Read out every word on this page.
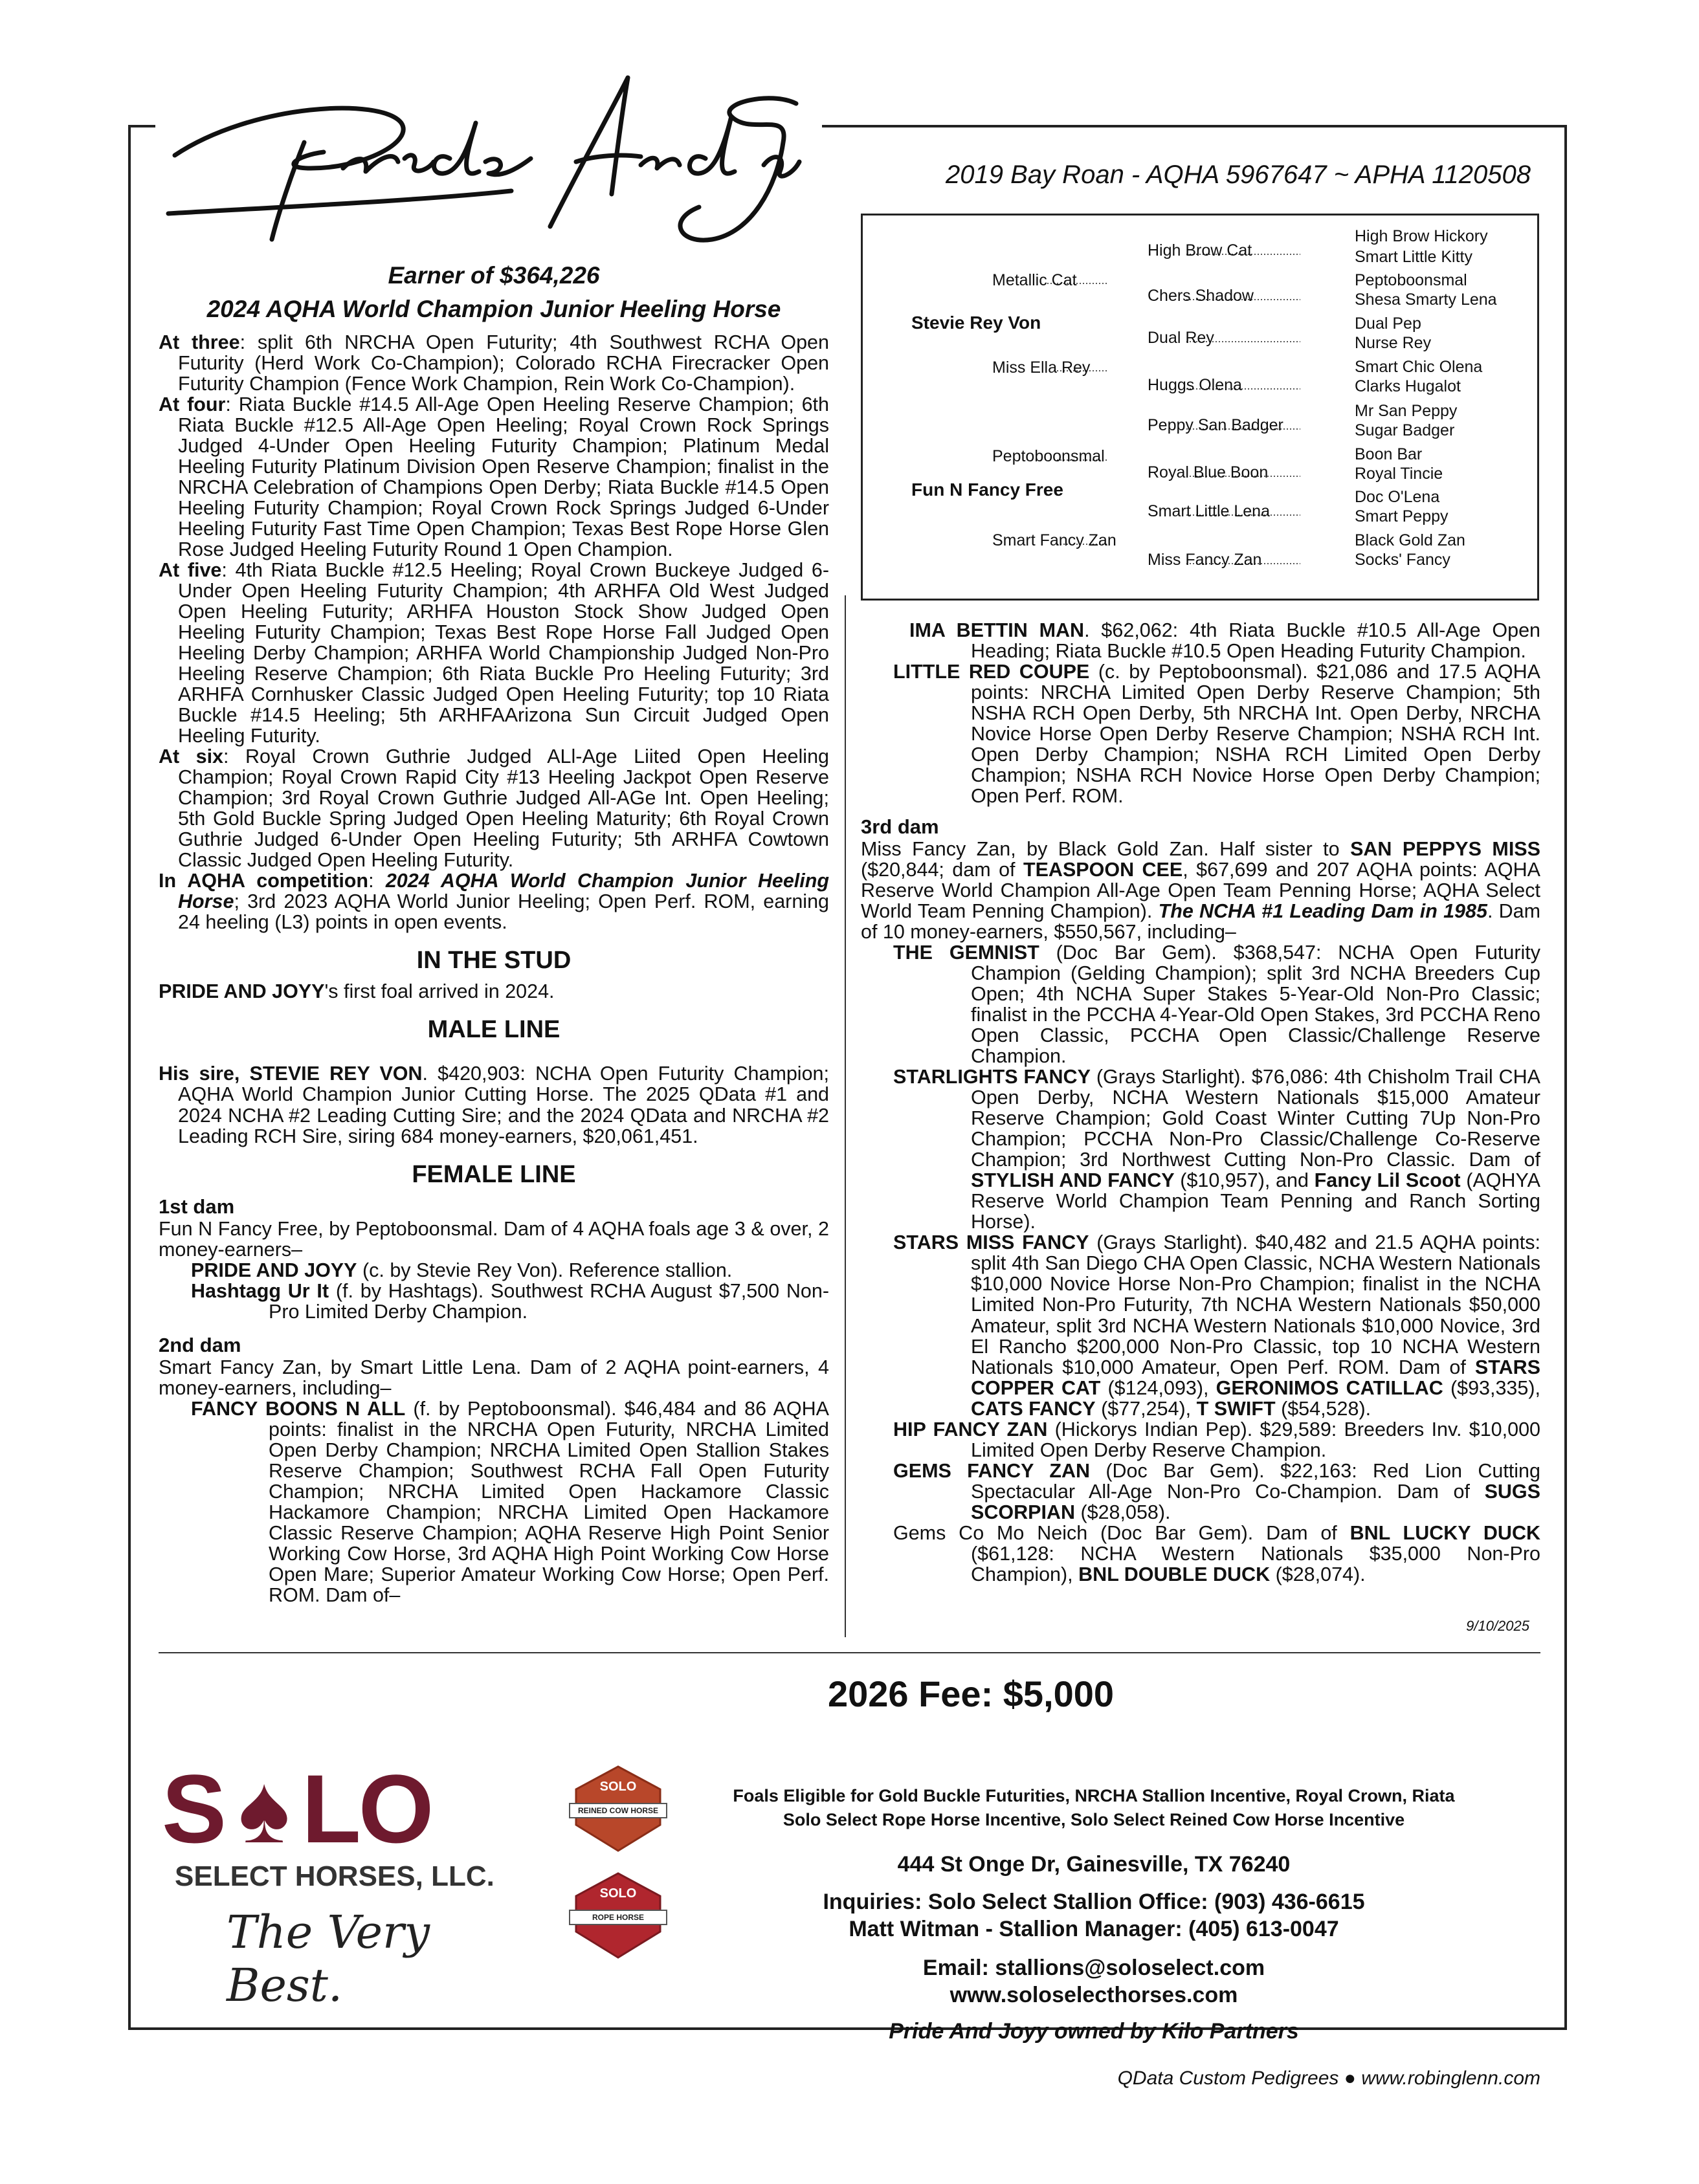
2019 Bay Roan - AQHA 5967647 ~ APHA 1120508
Metallic Cat
Stevie Rey Von
Miss Ella Rey
Peptoboonsmal
Fun N Fancy Free
Smart Fancy Zan
High Brow Cat
Chers Shadow
Dual Rey
Huggs Olena
Peppy San Badger
Royal Blue Boon
Smart Little Lena
Miss Fancy Zan
High Brow Hickory
Smart Little Kitty
Peptoboonsmal
Shesa Smarty Lena
Dual Pep
Nurse Rey
Smart Chic Olena
Clarks Hugalot
Mr San Peppy
Sugar Badger
Boon Bar
Royal Tincie
Doc O'Lena
Smart Peppy
Black Gold Zan
Socks' Fancy
Earner of $364,226
2024 AQHA World Champion Junior Heeling Horse

At three: split 6th NRCHA Open Futurity; 4th Southwest RCHA Open Futurity (Herd Work Co-Champion); Colorado RCHA Firecracker Open Futurity Champion (Fence Work Champion, Rein Work Co-Champion).

At four: Riata Buckle #14.5 All-Age Open Heeling Reserve Champion; 6th Riata Buckle #12.5 All-Age Open Heeling; Royal Crown Rock Springs Judged 4-Under Open Heeling Futurity Champion; Platinum Medal Heeling Futurity Platinum Division Open Reserve Champion; finalist in the NRCHA Celebration of Champions Open Derby; Riata Buckle #14.5 Open Heeling Futurity Champion; Royal Crown Rock Springs Judged 6-Under Heeling Futurity Fast Time Open Champion; Texas Best Rope Horse Glen Rose Judged Heeling Futurity Round 1 Open Champion.

At five: 4th Riata Buckle #12.5 Heeling; Royal Crown Buckeye Judged 6-Under Open Heeling Futurity Champion; 4th ARHFA Old West Judged Open Heeling Futurity; ARHFA Houston Stock Show Judged Open Heeling Futurity Champion; Texas Best Rope Horse Fall Judged Open Heeling Derby Champion; ARHFA World Championship Judged Non-Pro Heeling Reserve Champion; 6th Riata Buckle Pro Heeling Futurity; 3rd ARHFA Cornhusker Classic Judged Open Heeling Futurity; top 10 Riata Buckle #14.5 Heeling; 5th ARHFAArizona Sun Circuit Judged Open Heeling Futurity.

At six: Royal Crown Guthrie Judged ALl-Age Liited Open Heeling Champion; Royal Crown Rapid City #13 Heeling Jackpot Open Reserve Champion; 3rd Royal Crown Guthrie Judged All-AGe Int. Open Heeling; 5th Gold Buckle Spring Judged Open Heeling Maturity; 6th Royal Crown Guthrie Judged 6-Under Open Heeling Futurity; 5th ARHFA Cowtown Classic Judged Open Heeling Futurity.

In AQHA competition: 2024 AQHA World Champion Junior Heeling Horse; 3rd 2023 AQHA World Junior Heeling; Open Perf. ROM, earning 24 heeling (L3) points in open events.

IN THE STUD

PRIDE AND JOYY's first foal arrived in 2024.

MALE LINE

His sire, STEVIE REY VON. $420,903: NCHA Open Futurity Champion; AQHA World Champion Junior Cutting Horse. The 2025 QData #1 and 2024 NCHA #2 Leading Cutting Sire; and the 2024 QData and NRCHA #2 Leading RCH Sire, siring 684 money-earners, $20,061,451.

FEMALE LINE
1st dam

Fun N Fancy Free, by Peptoboonsmal. Dam of 4 AQHA foals age 3 & over, 2 money-earners–

PRIDE AND JOYY (c. by Stevie Rey Von). Reference stallion.

Hashtagg Ur It (f. by Hashtags). Southwest RCHA August $7,500 Non-Pro Limited Derby Champion.

2nd dam

Smart Fancy Zan, by Smart Little Lena. Dam of 2 AQHA point-earners, 4 money-earners, including–

FANCY BOONS N ALL (f. by Peptoboonsmal). $46,484 and 86 AQHA points: finalist in the NRCHA Open Futurity, NRCHA Limited Open Derby Champion; NRCHA Limited Open Stallion Stakes Reserve Champion; Southwest RCHA Fall Open Futurity Champion; NRCHA Limited Open Hackamore Classic Hackamore Champion; NRCHA Limited Open Hackamore Classic Reserve Champion; AQHA Reserve High Point Senior Working Cow Horse, 3rd AQHA High Point Working Cow Horse Open Mare; Superior Amateur Working Cow Horse; Open Perf. ROM. Dam of–

IMA BETTIN MAN. $62,062: 4th Riata Buckle #10.5 All-Age Open Heading; Riata Buckle #10.5 Open Heading Futurity Champion.

LITTLE RED COUPE (c. by Peptoboonsmal). $21,086 and 17.5 AQHA points: NRCHA Limited Open Derby Reserve Champion; 5th NSHA RCH Open Derby, 5th NRCHA Int. Open Derby, NRCHA Novice Horse Open Derby Reserve Champion; NSHA RCH Int. Open Derby Champion; NSHA RCH Limited Open Derby Champion; NSHA RCH Novice Horse Open Derby Champion; Open Perf. ROM.

3rd dam

Miss Fancy Zan, by Black Gold Zan. Half sister to SAN PEPPYS MISS ($20,844; dam of TEASPOON CEE, $67,699 and 207 AQHA points: AQHA Reserve World Champion All-Age Open Team Penning Horse; AQHA Select World Team Penning Champion). The NCHA #1 Leading Dam in 1985. Dam of 10 money-earners, $550,567, including–

THE GEMNIST (Doc Bar Gem). $368,547: NCHA Open Futurity Champion (Gelding Champion); split 3rd NCHA Breeders Cup Open; 4th NCHA Super Stakes 5-Year-Old Non-Pro Classic; finalist in the PCCHA 4-Year-Old Open Stakes, 3rd PCCHA Reno Open Classic, PCCHA Open Classic/Challenge Reserve Champion.

STARLIGHTS FANCY (Grays Starlight). $76,086: 4th Chisholm Trail CHA Open Derby, NCHA Western Nationals $15,000 Amateur Reserve Champion; Gold Coast Winter Cutting 7Up Non-Pro Champion; PCCHA Non-Pro Classic/Challenge Co-Reserve Champion; 3rd Northwest Cutting Non-Pro Classic. Dam of STYLISH AND FANCY ($10,957), and Fancy Lil Scoot (AQHYA Reserve World Champion Team Penning and Ranch Sorting Horse).

STARS MISS FANCY (Grays Starlight). $40,482 and 21.5 AQHA points: split 4th San Diego CHA Open Classic, NCHA Western Nationals $10,000 Novice Horse Non-Pro Champion; finalist in the NCHA Limited Non-Pro Futurity, 7th NCHA Western Nationals $50,000 Amateur, split 3rd NCHA Western Nationals $10,000 Novice, 3rd El Rancho $200,000 Non-Pro Classic, top 10 NCHA Western Nationals $10,000 Amateur, Open Perf. ROM. Dam of STARS COPPER CAT ($124,093), GERONIMOS CATILLAC ($93,335), CATS FANCY ($77,254), T SWIFT ($54,528).

HIP FANCY ZAN (Hickorys Indian Pep). $29,589: Breeders Inv. $10,000 Limited Open Derby Reserve Champion.

GEMS FANCY ZAN (Doc Bar Gem). $22,163: Red Lion Cutting Spectacular All-Age Non-Pro Co-Champion. Dam of SUGS SCORPIAN ($28,058).

Gems Co Mo Neich (Doc Bar Gem). Dam of BNL LUCKY DUCK ($61,128: NCHA Western Nationals $35,000 Non-Pro Champion), BNL DOUBLE DUCK ($28,074).

9/10/2025
2026 Fee: $5,000
Foals Eligible for Gold Buckle Futurities, NRCHA Stallion Incentive, Royal Crown, Riata
Solo Select Rope Horse Incentive, Solo Select Reined Cow Horse Incentive
444 St Onge Dr, Gainesville, TX 76240
Inquiries: Solo Select Stallion Office: (903) 436-6615
Matt Witman - Stallion Manager: (405) 613-0047
Email: stallions@soloselect.com
www.soloselecthorses.com
Pride And Joyy owned by Kilo Partners
S ♠ LO
SELECT HORSES, LLC.
The Very Best.
SOLO
REINED COW HORSE
SOLO
ROPE HORSE
QData Custom Pedigrees ● www.robinglenn.com
